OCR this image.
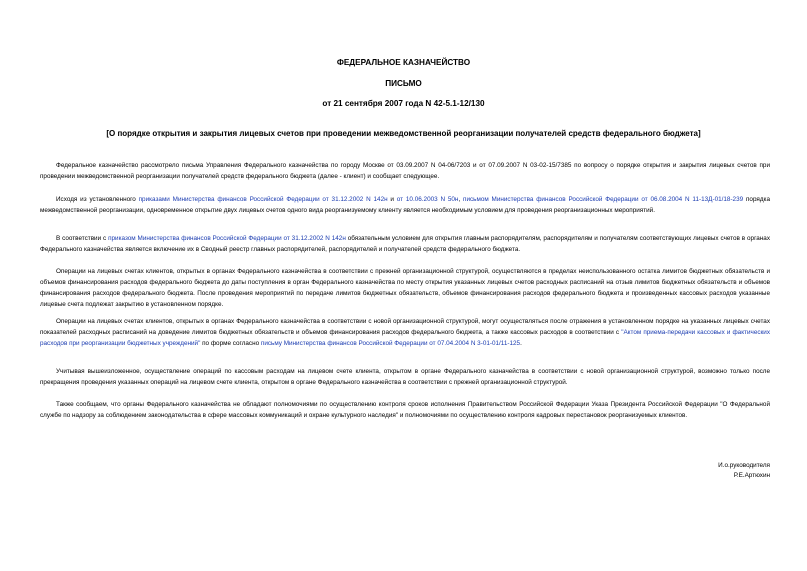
ФЕДЕРАЛЬНОЕ КАЗНАЧЕЙСТВО
ПИСЬМО
от 21 сентября 2007 года N 42-5.1-12/130
[О порядке открытия и закрытия лицевых счетов при проведении межведомственной реорганизации получателей средств федерального бюджета]

Федеральное казначейство рассмотрело письма Управления Федерального казначейства по городу Москве от 03.09.2007 N 04-06/7203 и от 07.09.2007 N 03-02-15/7385 по вопросу о порядке открытия и закрытия лицевых счетов при проведении межведомственной реорганизации получателей средств федерального бюджета (далее - клиент) и сообщает следующее.

Исходя из установленного приказами Министерства финансов Российской Федерации от 31.12.2002 N 142н и от 10.06.2003 N 50н, письмом Министерства финансов Российской Федерации от 06.08.2004 N 11-13Д-01/18-239 порядка межведомственной реорганизации, одновременное открытие двух лицевых счетов одного вида реорганизуемому клиенту является необходимым условием для проведения реорганизационных мероприятий.

В соответствии с приказом Министерства финансов Российской Федерации от 31.12.2002 N 142н обязательным условием для открытия главным распорядителям, распорядителям и получателям соответствующих лицевых счетов в органах Федерального казначейства является включение их в Сводный реестр главных распорядителей, распорядителей и получателей средств федерального бюджета.

Операции на лицевых счетах клиентов, открытых в органах Федерального казначейства в соответствии с прежней организационной структурой, осуществляются в пределах неиспользованного остатка лимитов бюджетных обязательств и объемов финансирования расходов федерального бюджета до даты поступления в орган Федерального казначейства по месту открытия указанных лицевых счетов расходных расписаний на отзыв лимитов бюджетных обязательств и объемов финансирования расходов федерального бюджета. После проведения мероприятий по передаче лимитов бюджетных обязательств, объемов финансирования расходов федерального бюджета и произведенных кассовых расходов указанные лицевые счета подлежат закрытию в установленном порядке.

Операции на лицевых счетах клиентов, открытых в органах Федерального казначейства в соответствии с новой организационной структурой, могут осуществляться после отражения в установленном порядке на указанных лицевых счетах показателей расходных расписаний на доведение лимитов бюджетных обязательств и объемов финансирования расходов федерального бюджета, а также кассовых расходов в соответствии с "Актом приема-передачи кассовых и фактических расходов при реорганизации бюджетных учреждений" по форме согласно письму Министерства финансов Российской Федерации от 07.04.2004 N 3-01-01/11-125.

Учитывая вышеизложенное, осуществление операций по кассовым расходам на лицевом счете клиента, открытом в органе Федерального казначейства в соответствии с новой организационной структурой, возможно только после прекращения проведения указанных операций на лицевом счете клиента, открытом в органе Федерального казначейства в соответствии с прежней организационной структурой.

Также сообщаем, что органы Федерального казначейства не обладают полномочиями по осуществлению контроля сроков исполнения Правительством Российской Федерации Указа Президента Российской Федерации "О Федеральной службе по надзору за соблюдением законодательства в сфере массовых коммуникаций и охране культурного наследия" и полномочиями по осуществлению контроля кадровых перестановок реорганизуемых клиентов.

И.о.руководителя
Р.Е.Артюхин
